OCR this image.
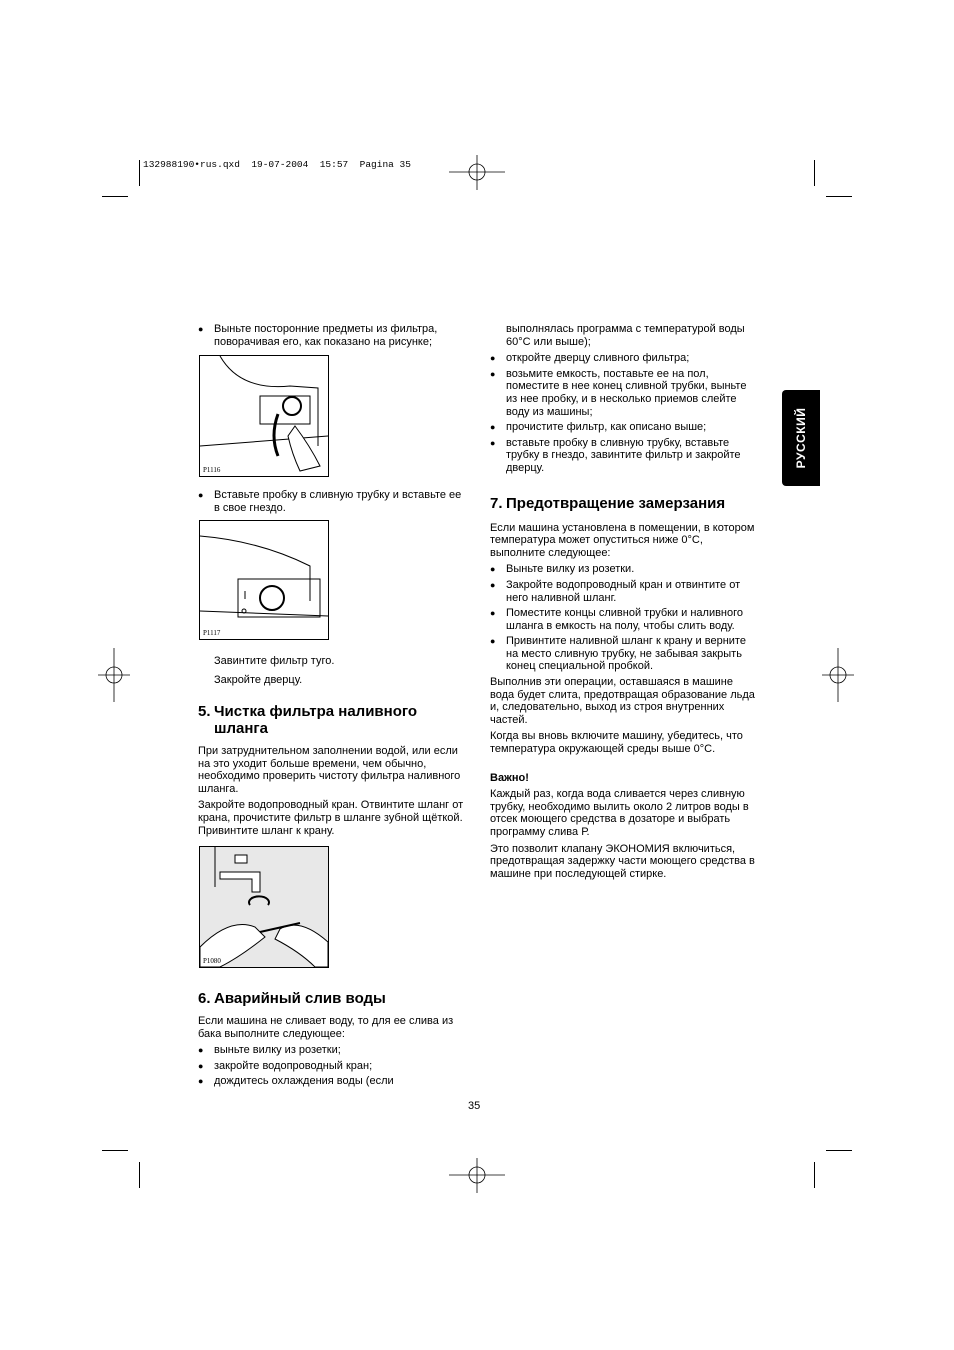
132988190•rus.qxd  19-07-2004  15:57  Pagina 35
РУССКИЙ
● Выньте посторонние предметы из фильтра, поворачивая его, как показано на рисунке;
P1116
● Вставьте пробку в сливную трубку и вставьте ее в свое гнездо.
P1117

Завинтите фильтр туго.

Закройте дверцу.

5. Чистка фильтра наливного
шланга

При затруднительном заполнении водой, или если на это уходит больше времени, чем обычно, необходимо проверить чистоту фильтра наливного шланга.

Закройте водопроводный кран. Отвинтите шланг от крана, прочистите фильтр в шланге зубной щёткой. Привинтите шланг к крану.

P1080
6. Аварийный слив воды

Если машина не сливает воду, то для ее слива из бака выполните следующее:

● выньте вилку из розетки;
● закройте водопроводный кран;
● дождитесь охлаждения воды (если

выполнялась программа с температурой воды 60°С или выше);

● откройте дверцу сливного фильтра;
● возьмите емкость, поставьте ее на пол, поместите в нее конец сливной трубки, выньте из нее пробку, и в несколько приемов слейте воду из машины;
● прочистите фильтр, как описано выше;
● вставьте пробку в сливную трубку, вставьте трубку в гнездо, завинтите фильтр и закройте дверцу.
7. Предотвращение замерзания

Если машина установлена в помещении, в котором температура может опуститься ниже 0°С, выполните следующее:

● Выньте вилку из розетки.
● Закройте водопроводный кран и отвинтите от него наливной шланг.
● Поместите концы сливной трубки и наливного шланга в емкость на полу, чтобы слить воду.
● Привинтите наливной шланг к крану и верните на место сливную трубку, не забывая закрыть конец специальной пробкой.

Выполнив эти операции, оставшаяся в машине вода будет слита, предотвращая образование льда и, следовательно, выход из строя внутренних частей.

Когда вы вновь включите машину, убедитесь, что температура окружающей среды выше 0°С.

Важно!

Каждый раз, когда вода сливается через сливную трубку, необходимо вылить около 2 литров воды в отсек моющего средства в дозаторе и выбрать программу слива Р.

Это позволит клапану ЭКОНОМИЯ включиться, предотвращая задержку части моющего средства в машине при последующей стирке.

35
